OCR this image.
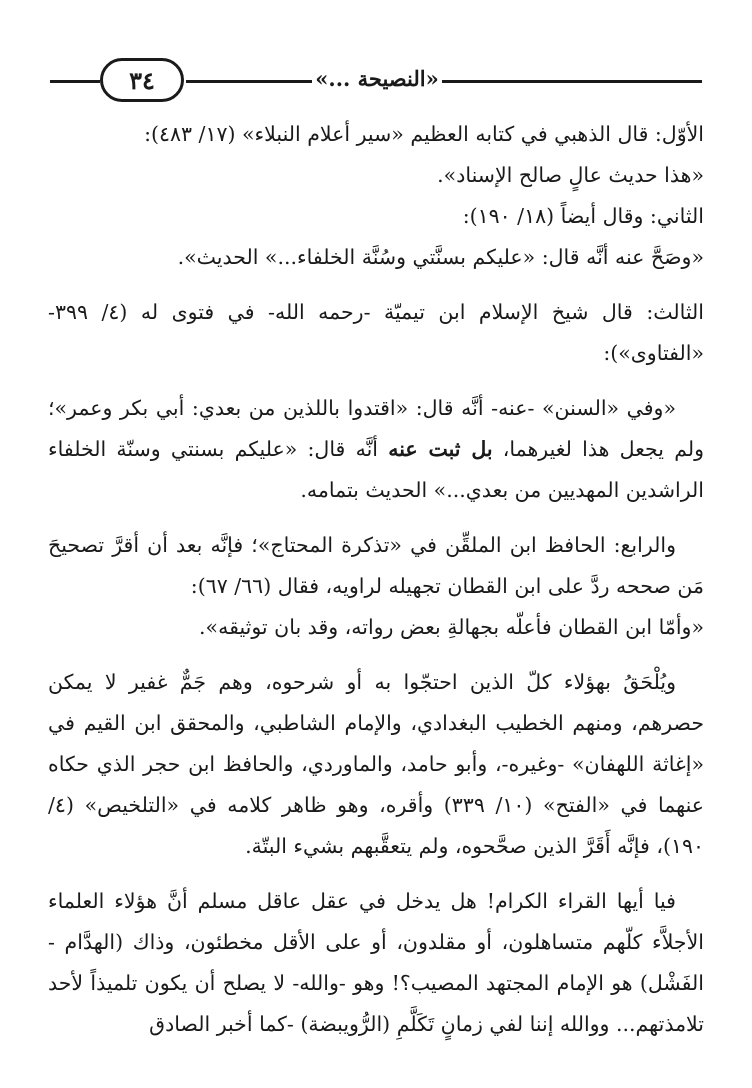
٣٤	«النصيحة ...»

الأوّل: قال الذهبي في كتابه العظيم «سير أعلام النبلاء» (١٧/ ٤٨٣):

«هذا حديث عالٍ صالح الإسناد».

الثاني: وقال أيضاً (١٨/ ١٩٠):

«وصَحَّ عنه أنَّه قال: «عليكم بسنَّتي وسُنَّة الخلفاء...» الحديث».

الثالث: قال شيخ الإسلام ابن تيميّة -رحمه الله- في فتوى له (٤/ ٣٩٩- «الفتاوى»):

«وفي «السنن» -عنه- أنَّه قال: «اقتدوا باللذين من بعدي: أبي بكر وعمر»؛ ولم يجعل هذا لغيرهما، بل ثبت عنه أنَّه قال: «عليكم بسنتي وسنّة الخلفاء الراشدين المهديين من بعدي...» الحديث بتمامه.

والرابع: الحافظ ابن الملقِّن في «تذكرة المحتاج»؛ فإنَّه بعد أن أقرَّ تصحيحَ مَن صححه ردَّ على ابن القطان تجهيله لراويه، فقال (٦٦/ ٦٧):

«وأمّا ابن القطان فأعلّه بجهالةِ بعض رواته، وقد بان توثيقه».

ويُلْحَقُ بهؤلاء كلّ الذين احتجّوا به أو شرحوه، وهم جَمٌّ غفير لا يمكن حصرهم، ومنهم الخطيب البغدادي، والإمام الشاطبي، والمحقق ابن القيم في «إغاثة اللهفان» -وغيره-، وأبو حامد، والماوردي، والحافظ ابن حجر الذي حكاه عنهما في «الفتح» (١٠/ ٣٣٩) وأقره، وهو ظاهر كلامه في «التلخيص» (٤/ ١٩٠)، فإنَّه أَقَرَّ الذين صحَّحوه، ولم يتعقَّبهم بشيء البتّة.

فيا أيها القراء الكرام! هل يدخل في عقل عاقل مسلم أنَّ هؤلاء العلماء الأجلاَّء كلّهم متساهلون، أو مقلدون، أو على الأقل مخطئون، وذاك (الهدَّام - الفَشْل) هو الإمام المجتهد المصيب؟! وهو -والله- لا يصلح أن يكون تلميذاً لأحد تلامذتهم... ووالله إننا لفي زمانٍ تَكَلَّمِ (الرُّويبضة) -كما أخبر الصادق
